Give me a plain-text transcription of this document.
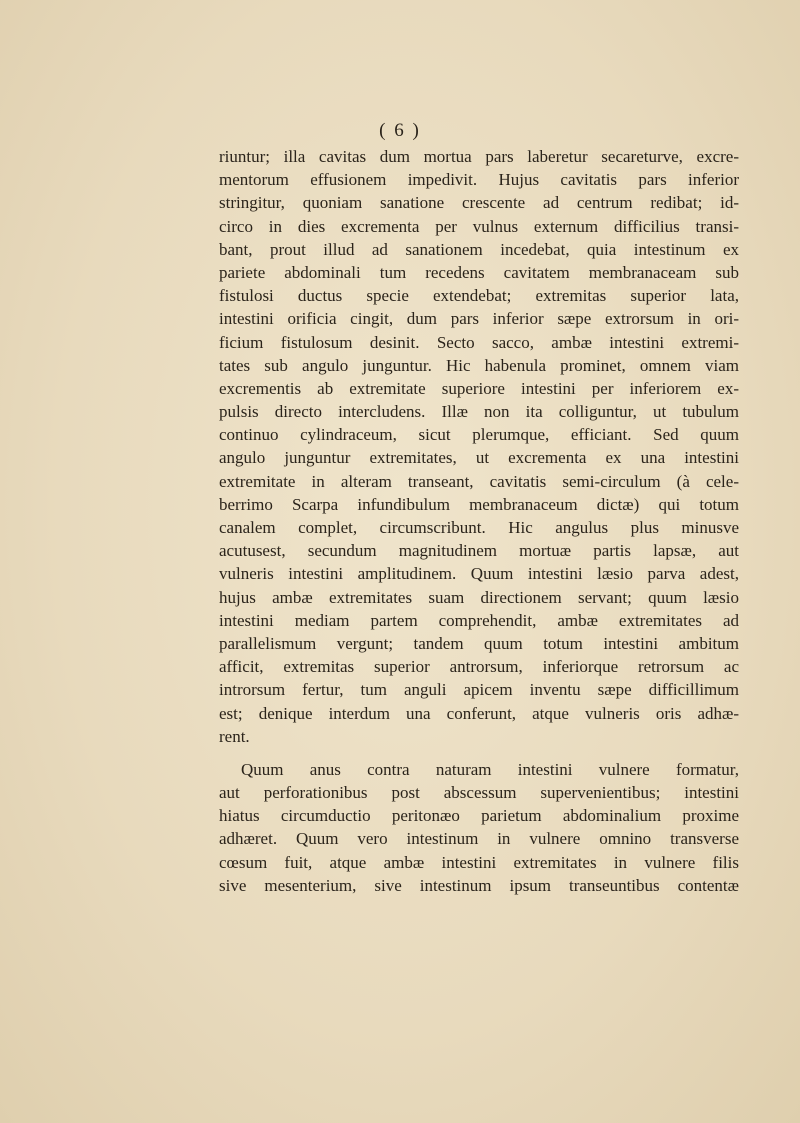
( 6 )
riuntur; illa cavitas dum mortua pars laberetur secareturve, excre-
mentorum effusionem impedivit. Hujus cavitatis pars inferior
stringitur, quoniam sanatione crescente ad centrum redibat; id-
circo in dies excrementa per vulnus externum difficilius transi-
bant, prout illud ad sanationem incedebat, quia intestinum ex
pariete abdominali tum recedens cavitatem membranaceam sub
fistulosi ductus specie extendebat; extremitas superior lata,
intestini orificia cingit, dum pars inferior sæpe extrorsum in ori-
ficium fistulosum desinit. Secto sacco, ambæ intestini extremi-
tates sub angulo junguntur. Hic habenula prominet, omnem viam
excrementis ab extremitate superiore intestini per inferiorem ex-
pulsis directo intercludens. Illæ non ita colliguntur, ut tubulum
continuo cylindraceum, sicut plerumque, efficiant. Sed quum
angulo junguntur extremitates, ut excrementa ex una intestini
extremitate in alteram transeant, cavitatis semi-circulum (à cele-
berrimo Scarpa infundibulum membranaceum dictæ) qui totum
canalem complet, circumscribunt. Hic angulus plus minusve
acutusest, secundum magnitudinem mortuæ partis lapsæ, aut
vulneris intestini amplitudinem. Quum intestini læsio parva adest,
hujus ambæ extremitates suam directionem servant; quum læsio
intestini mediam partem comprehendit, ambæ extremitates ad
parallelismum vergunt; tandem quum totum intestini ambitum
afficit, extremitas superior antrorsum, inferiorque retrorsum ac
introrsum fertur, tum anguli apicem inventu sæpe difficillimum
est; denique interdum una conferunt, atque vulneris oris adhæ-
rent.
Quum anus contra naturam intestini vulnere formatur,
aut perforationibus post abscessum supervenientibus; intestini
hiatus circumductio peritonæo parietum abdominalium proxime
adhæret. Quum vero intestinum in vulnere omnino transverse
cœsum fuit, atque ambæ intestini extremitates in vulnere filis
sive mesenterium, sive intestinum ipsum transeuntibus contentæ
